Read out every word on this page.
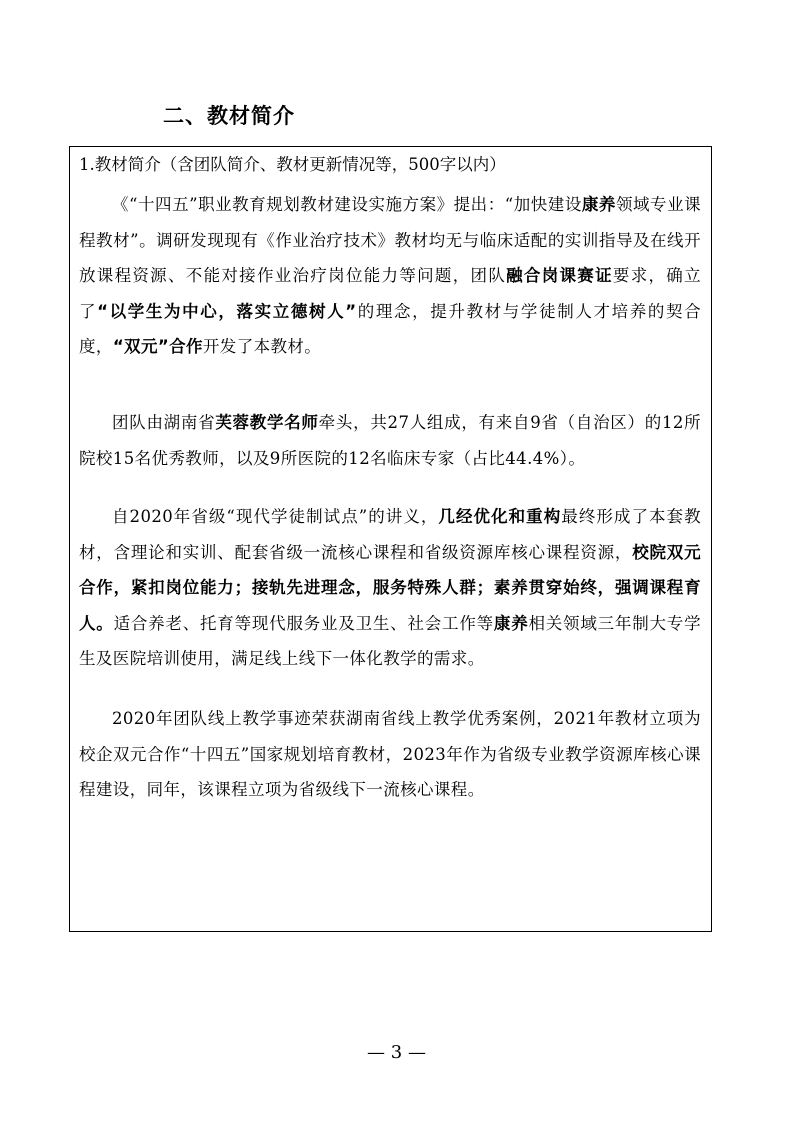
二、教材简介
1.教材简介（含团队简介、教材更新情况等，500字以内）

《“十四五”职业教育规划教材建设实施方案》提出：“加快建设康养领域专业课程教材”。调研发现现有《作业治疗技术》教材均无与临床适配的实训指导及在线开放课程资源、不能对接作业治疗岗位能力等问题，团队融合岗课赛证要求，确立了“以学生为中心，落实立德树人”的理念，提升教材与学徒制人才培养的契合度，“双元”合作开发了本教材。

团队由湖南省芙蓉教学名师牵头，共27人组成，有来自9省（自治区）的12所院校15名优秀教师，以及9所医院的12名临床专家（占比44.4%）。

自2020年省级“现代学徒制试点”的讲义，几经优化和重构最终形成了本套教材，含理论和实训、配套省级一流核心课程和省级资源库核心课程资源，校院双元合作，紧扣岗位能力；接轨先进理念，服务特殊人群；素养贯穿始终，强调课程育人。适合养老、托育等现代服务业及卫生、社会工作等康养相关领域三年制大专学生及医院培训使用，满足线上线下一体化教学的需求。

2020年团队线上教学事迹荣获湖南省线上教学优秀案例，2021年教材立项为校企双元合作“十四五”国家规划培育教材，2023年作为省级专业教学资源库核心课程建设，同年，该课程立项为省级线下一流核心课程。

— 3 —
